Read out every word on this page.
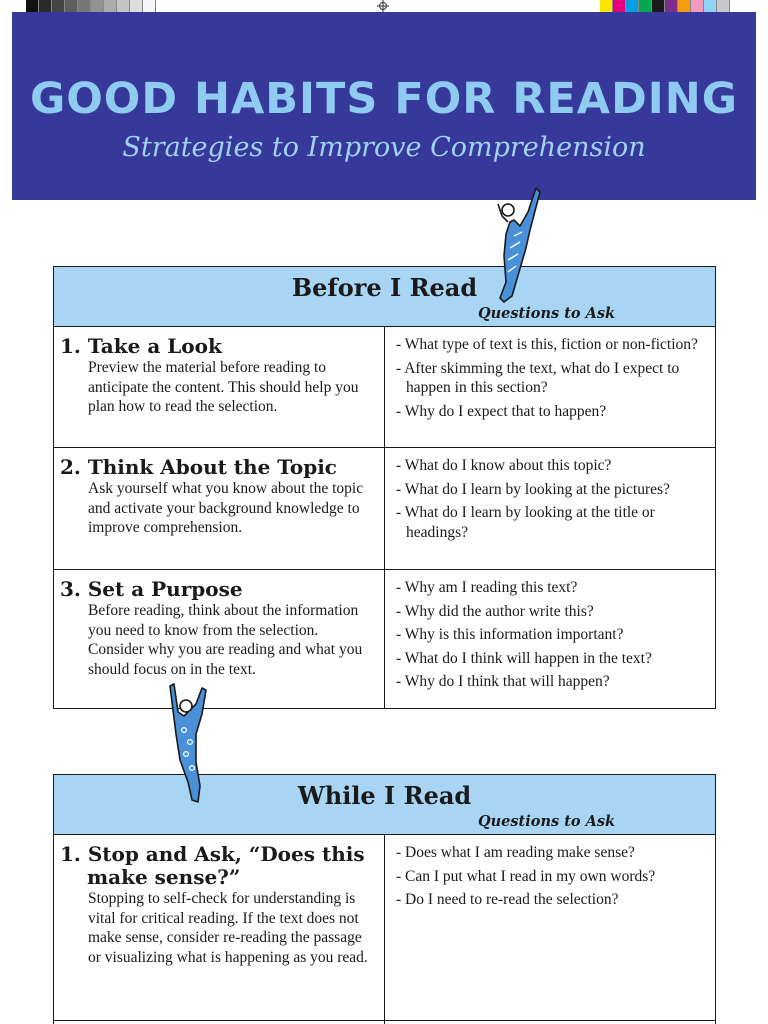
GOOD HABITS FOR READING
Strategies to Improve Comprehension
Before I Read
Questions to Ask
1. Take a Look
Preview the material before reading to anticipate the content. This should help you plan how to read the selection.
- What type of text is this, fiction or non-fiction?
- After skimming the text, what do I expect to happen in this section?
- Why do I expect that to happen?
2. Think About the Topic
Ask yourself what you know about the topic and activate your background knowledge to improve comprehension.
- What do I know about this topic?
- What do I learn by looking at the pictures?
- What do I learn by looking at the title or headings?
3. Set a Purpose
Before reading, think about the information you need to know from the selection. Consider why you are reading and what you should focus on in the text.
- Why am I reading this text?
- Why did the author write this?
- Why is this information important?
- What do I think will happen in the text?
- Why do I think that will happen?
While I Read
Questions to Ask
1. Stop and Ask, “Does this make sense?”
Stopping to self-check for understanding is vital for critical reading. If the text does not make sense, consider re-reading the passage or visualizing what is happening as you read.
- Does what I am reading make sense?
- Can I put what I read in my own words?
- Do I need to re-read the selection?
